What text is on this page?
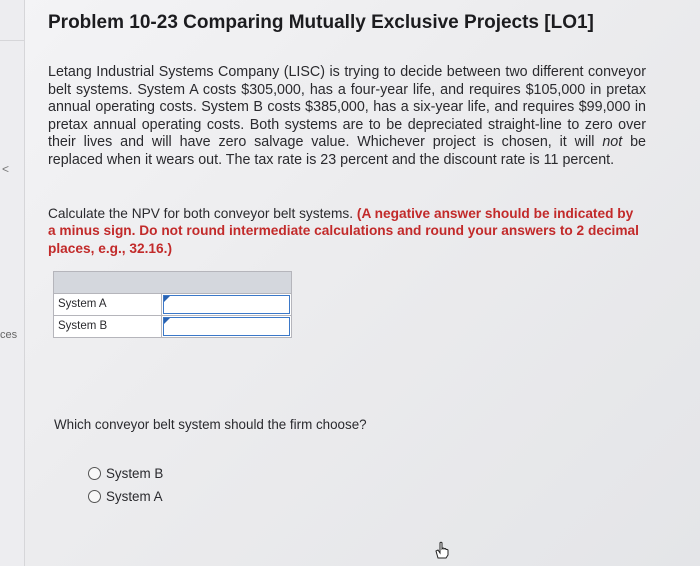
<
ces
Problem 10-23 Comparing Mutually Exclusive Projects [LO1]
Letang Industrial Systems Company (LISC) is trying to decide between two different conveyor belt systems. System A costs $305,000, has a four-year life, and requires $105,000 in pretax annual operating costs. System B costs $385,000, has a six-year life, and requires $99,000 in pretax annual operating costs. Both systems are to be depreciated straight-line to zero over their lives and will have zero salvage value. Whichever project is chosen, it will not be replaced when it wears out. The tax rate is 23 percent and the discount rate is 11 percent.
Calculate the NPV for both conveyor belt systems. (A negative answer should be indicated by a minus sign. Do not round intermediate calculations and round your answers to 2 decimal places, e.g., 32.16.)
System A
System B
Which conveyor belt system should the firm choose?
System B
System A
